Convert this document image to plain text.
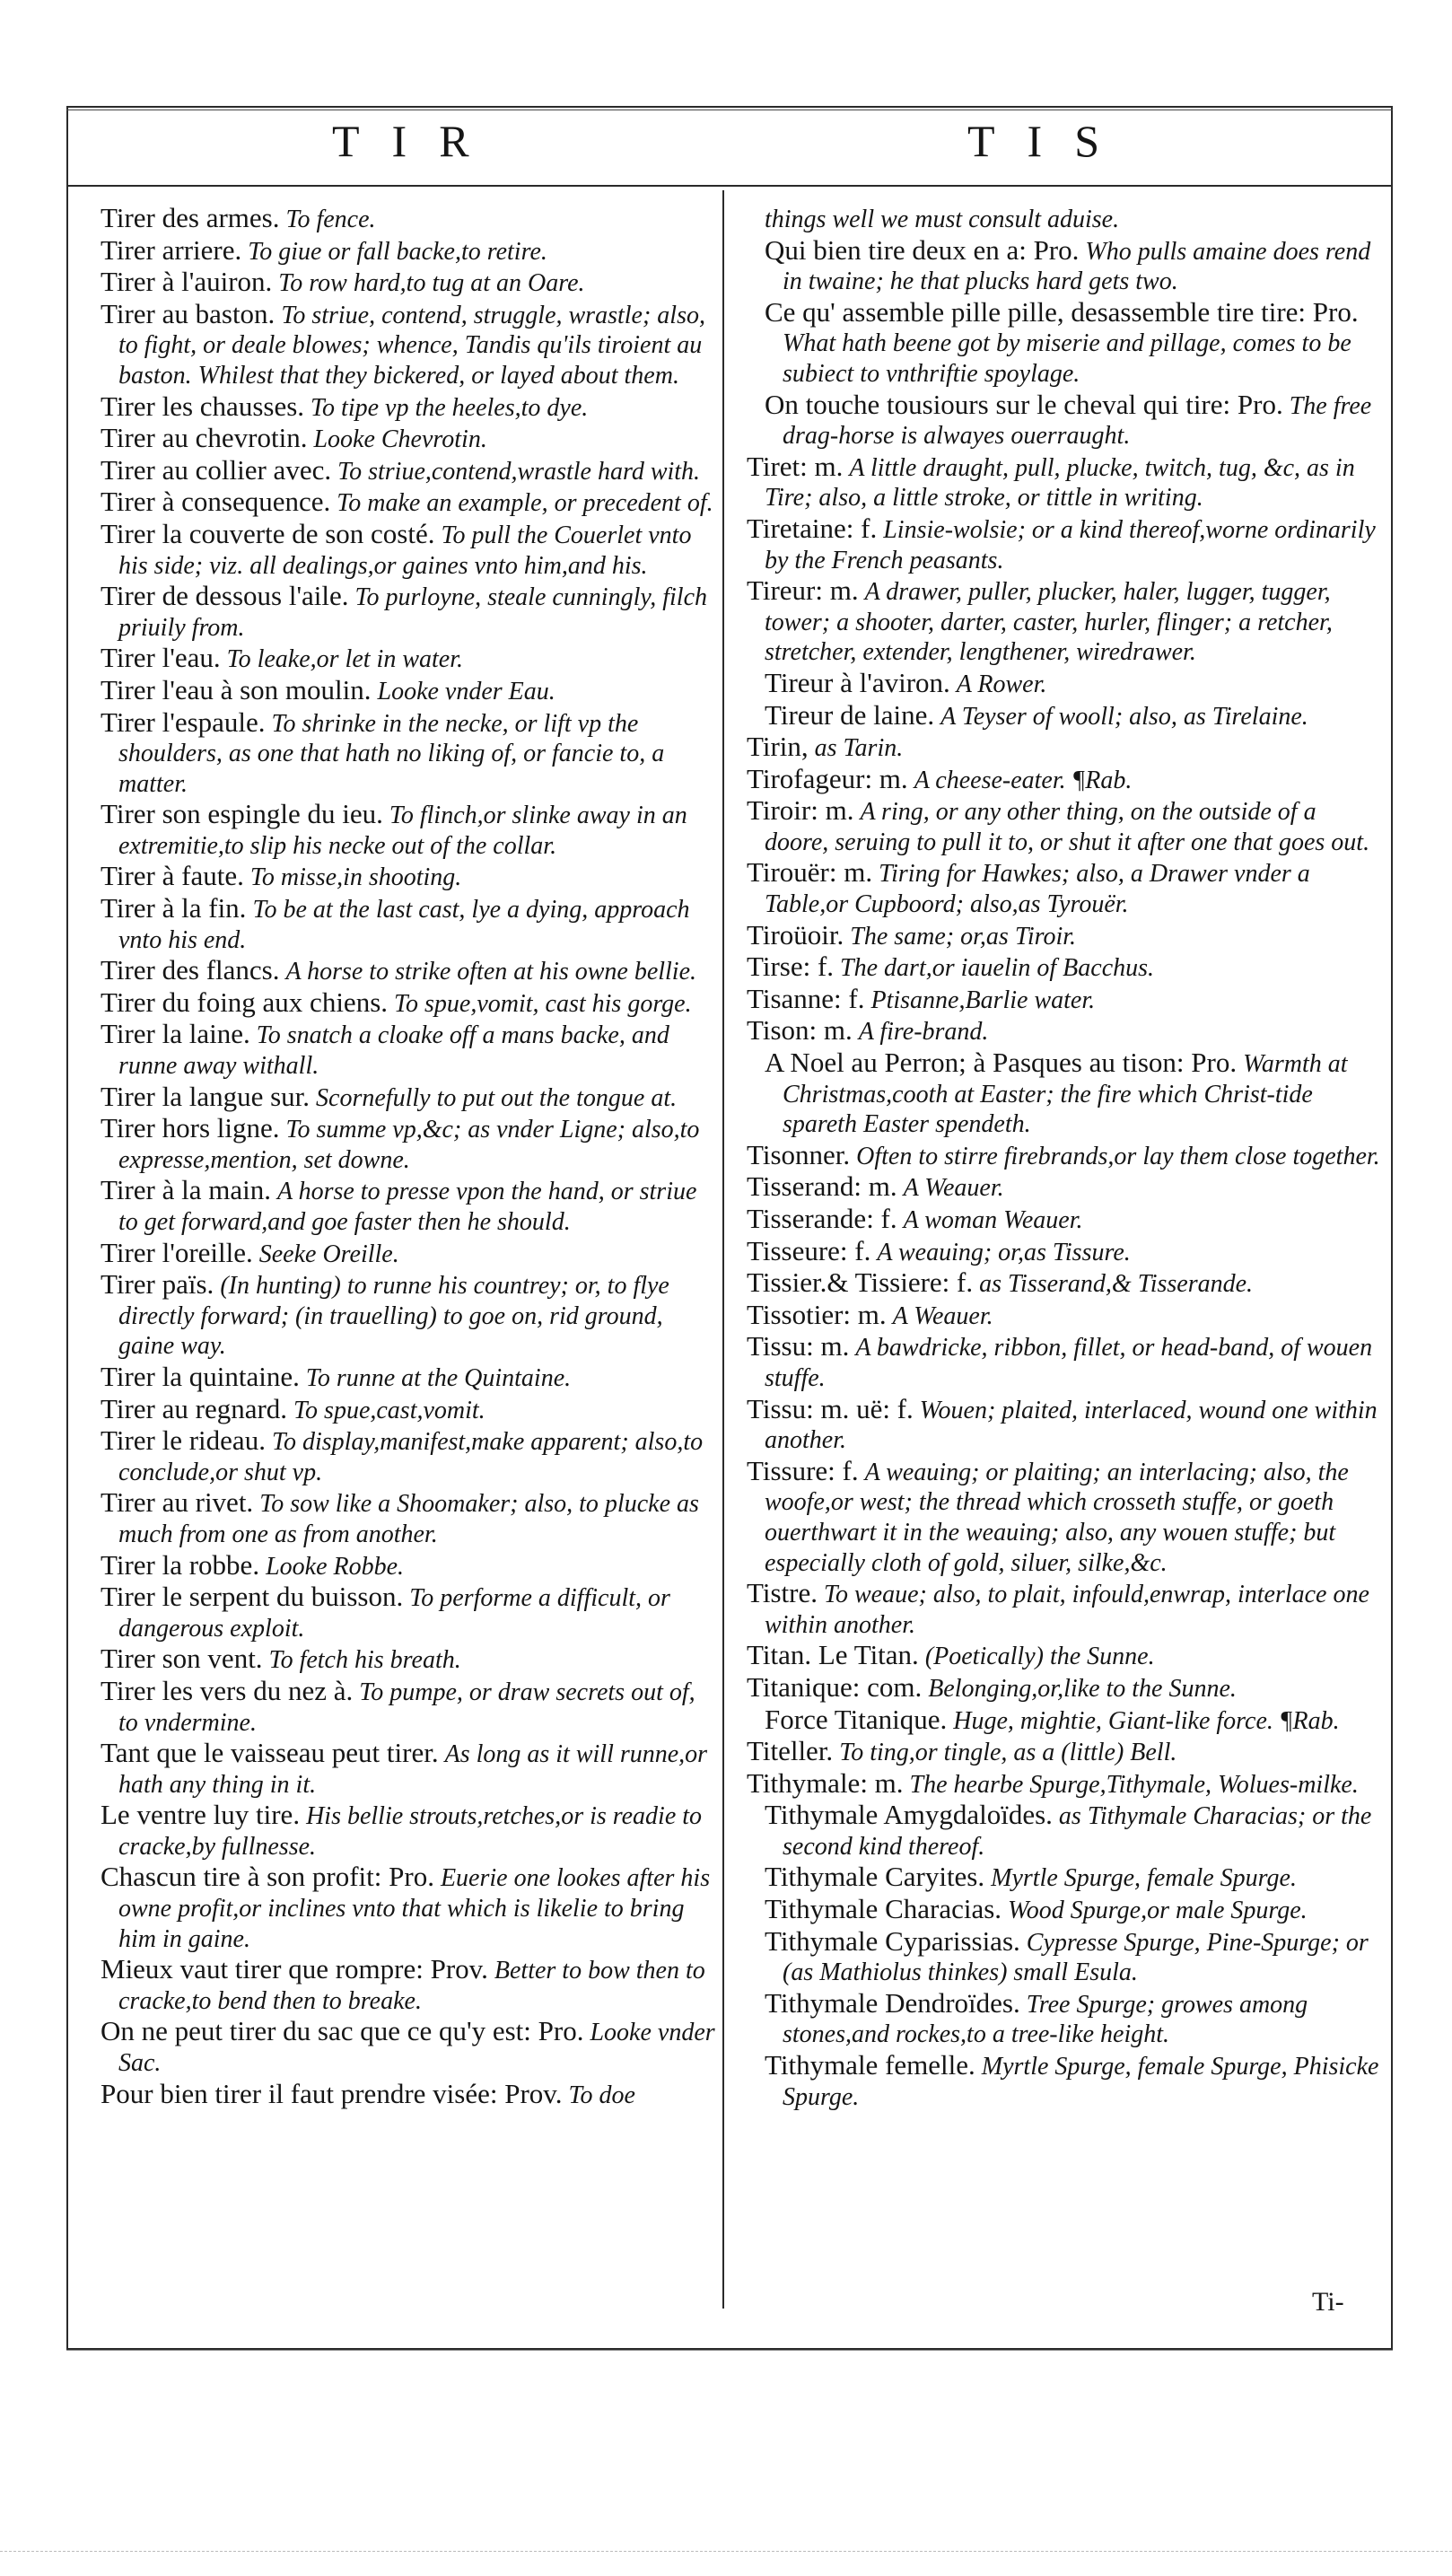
TIR	TIS

Tirer des armes. To fence.

Tirer arriere. To giue or fall backe,to retire.

Tirer à l'auiron. To row hard,to tug at an Oare.

Tirer au baston. To striue, contend, struggle, wrastle; also, to fight, or deale blowes; whence, Tandis qu'ils tiroient au baston. Whilest that they bickered, or layed about them.

Tirer les chausses. To tipe vp the heeles,to dye.

Tirer au chevrotin. Looke Chevrotin.

Tirer au collier avec. To striue,contend,wrastle hard with.

Tirer à consequence. To make an example, or precedent of.

Tirer la couverte de son costé. To pull the Couerlet vnto his side; viz. all dealings,or gaines vnto him,and his.

Tirer de dessous l'aile. To purloyne, steale cunningly, filch priuily from.

Tirer l'eau. To leake,or let in water.

Tirer l'eau à son moulin. Looke vnder Eau.

Tirer l'espaule. To shrinke in the necke, or lift vp the shoulders, as one that hath no liking of, or fancie to, a matter.

Tirer son espingle du ieu. To flinch,or slinke away in an extremitie,to slip his necke out of the collar.

Tirer à faute. To misse,in shooting.

Tirer à la fin. To be at the last cast, lye a dying, approach vnto his end.

Tirer des flancs. A horse to strike often at his owne bellie.

Tirer du foing aux chiens. To spue,vomit, cast his gorge.

Tirer la laine. To snatch a cloake off a mans backe, and runne away withall.

Tirer la langue sur. Scornefully to put out the tongue at.

Tirer hors ligne. To summe vp,&c; as vnder Ligne; also,to expresse,mention, set downe.

Tirer à la main. A horse to presse vpon the hand, or striue to get forward,and goe faster then he should.

Tirer l'oreille. Seeke Oreille.

Tirer païs. (In hunting) to runne his countrey; or, to flye directly forward; (in trauelling) to goe on, rid ground, gaine way.

Tirer la quintaine. To runne at the Quintaine.

Tirer au regnard. To spue,cast,vomit.

Tirer le rideau. To display,manifest,make apparent; also,to conclude,or shut vp.

Tirer au rivet. To sow like a Shoomaker; also, to plucke as much from one as from another.

Tirer la robbe. Looke Robbe.

Tirer le serpent du buisson. To performe a difficult, or dangerous exploit.

Tirer son vent. To fetch his breath.

Tirer les vers du nez à. To pumpe, or draw secrets out of, to vndermine.

Tant que le vaisseau peut tirer. As long as it will runne,or hath any thing in it.

Le ventre luy tire. His bellie strouts,retches,or is readie to cracke,by fullnesse.

Chascun tire à son profit: Pro. Euerie one lookes after his owne profit,or inclines vnto that which is likelie to bring him in gaine.

Mieux vaut tirer que rompre: Prov. Better to bow then to cracke,to bend then to breake.

On ne peut tirer du sac que ce qu'y est: Pro. Looke vnder Sac.

Pour bien tirer il faut prendre visée: Prov. To doe

things well we must consult aduise.

Qui bien tire deux en a: Pro. Who pulls amaine does rend in twaine; he that plucks hard gets two.

Ce qu' assemble pille pille, desassemble tire tire: Pro. What hath beene got by miserie and pillage, comes to be subiect to vnthriftie spoylage.

On touche tousiours sur le cheval qui tire: Pro. The free drag-horse is alwayes ouerraught.

Tiret: m. A little draught, pull, plucke, twitch, tug, &c, as in Tire; also, a little stroke, or tittle in writing.

Tiretaine: f. Linsie-wolsie; or a kind thereof,worne ordinarily by the French peasants.

Tireur: m. A drawer, puller, plucker, haler, lugger, tugger, tower; a shooter, darter, caster, hurler, flinger; a retcher, stretcher, extender, lengthener, wiredrawer.

Tireur à l'aviron. A Rower.

Tireur de laine. A Teyser of wooll; also, as Tirelaine.

Tirin, as Tarin.

Tirofageur: m. A cheese-eater. ¶Rab.

Tiroir: m. A ring, or any other thing, on the outside of a doore, seruing to pull it to, or shut it after one that goes out.

Tirouër: m. Tiring for Hawkes; also, a Drawer vnder a Table,or Cupboord; also,as Tyrouër.

Tiroüoir. The same; or,as Tiroir.

Tirse: f. The dart,or iauelin of Bacchus.

Tisanne: f. Ptisanne,Barlie water.

Tison: m. A fire-brand.

A Noel au Perron; à Pasques au tison: Pro. Warmth at Christmas,cooth at Easter; the fire which Christ-tide spareth Easter spendeth.

Tisonner. Often to stirre firebrands,or lay them close together.

Tisserand: m. A Weauer.

Tisserande: f. A woman Weauer.

Tisseure: f. A weauing; or,as Tissure.

Tissier.& Tissiere: f. as Tisserand,& Tisserande.

Tissotier: m. A Weauer.

Tissu: m. A bawdricke, ribbon, fillet, or head-band, of wouen stuffe.

Tissu: m. uë: f. Wouen; plaited, interlaced, wound one within another.

Tissure: f. A weauing; or plaiting; an interlacing; also, the woofe,or west; the thread which crosseth stuffe, or goeth ouerthwart it in the weauing; also, any wouen stuffe; but especially cloth of gold, siluer, silke,&c.

Tistre. To weaue; also, to plait, infould,enwrap, interlace one within another.

Titan. Le Titan. (Poetically) the Sunne.

Titanique: com. Belonging,or,like to the Sunne.

Force Titanique. Huge, mightie, Giant-like force. ¶Rab.

Titeller. To ting,or tingle, as a (little) Bell.

Tithymale: m. The hearbe Spurge,Tithymale, Wolues-milke.

Tithymale Amygdaloïdes. as Tithymale Characias; or the second kind thereof.

Tithymale Caryites. Myrtle Spurge, female Spurge.

Tithymale Characias. Wood Spurge,or male Spurge.

Tithymale Cyparissias. Cypresse Spurge, Pine-Spurge; or (as Mathiolus thinkes) small Esula.

Tithymale Dendroïdes. Tree Spurge; growes among stones,and rockes,to a tree-like height.

Tithymale femelle. Myrtle Spurge, female Spurge, Phisicke Spurge.

Ti-
